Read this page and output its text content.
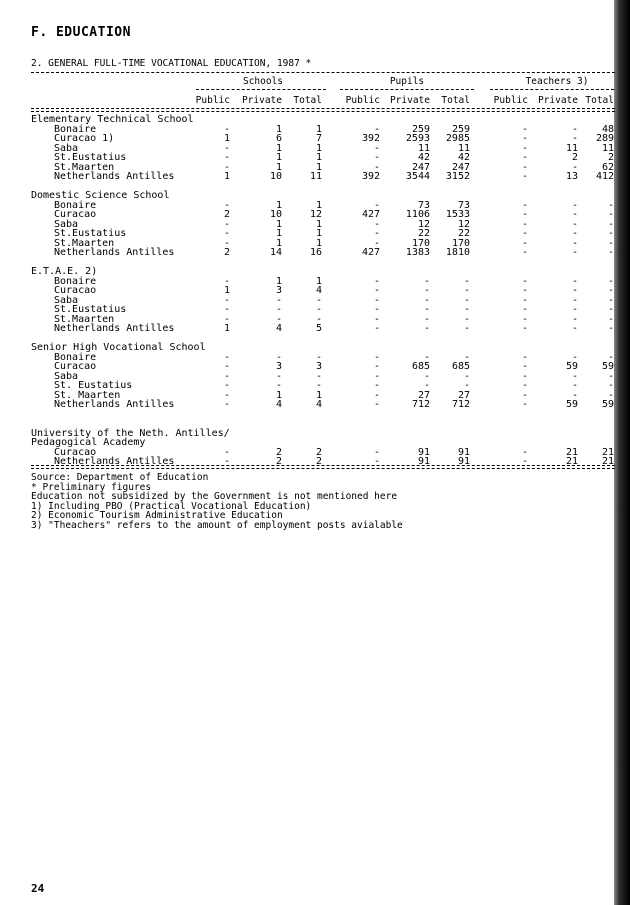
F. EDUCATION
2. GENERAL FULL-TIME VOCATIONAL EDUCATION, 1987 *
Schools	Pupils	Teachers 3)
Public	Private	Total	Public	Private	Total	Public	Private Total
Elementary Technical School
Bonaire	-	1	1	-	259	259	-	-	48
Curacao 1)	1	6	7	392	2593	2985	-	-	289
Saba	-	1	1	-	11	11	-	11	11
St.Eustatius	-	1	1	-	42	42	-	2	2
St.Maarten	-	1	1	-	247	247	-	-	62
Netherlands Antilles	1	10	11	392	3544	3152	-	13	412
Domestic Science School
Bonaire	-	1	1	-	73	73	-	-	-
Curacao	2	10	12	427	1106	1533	-	-	-
Saba	-	1	1	-	12	12	-	-	-
St.Eustatius	-	1	1	-	22	22	-	-	-
St.Maarten	-	1	1	-	170	170	-	-	-
Netherlands Antilles	2	14	16	427	1383	1810	-	-	-
E.T.A.E. 2)
Bonaire	-	1	1	-	-	-	-	-	-
Curacao	1	3	4	-	-	-	-	-	-
Saba	-	-	-	-	-	-	-	-	-
St.Eustatius	-	-	-	-	-	-	-	-	-
St.Maarten	-	-	-	-	-	-	-	-	-
Netherlands Antilles	1	4	5	-	-	-	-	-	-
Senior High Vocational School
Bonaire	-	-	-	-	-	-	-	-	-
Curacao	-	3	3	-	685	685	-	59	59
Saba	-	-	-	-	-	-	-	-	-
St. Eustatius	-	-	-	-	-	-	-	-	-
St. Maarten	-	1	1	-	27	27	-	-	-
Netherlands Antilles	-	4	4	-	712	712	-	59	59
University of the Neth. Antilles/
Pedagogical Academy
Curacao	-	2	2	-	91	91	-	21	21
Netherlands Antilles	-	2	2	-	91	91	-	21	21
Source: Department of Education
* Preliminary figures
Education not subsidized by the Government is not mentioned here
1) Including PBO (Practical Vocational Education)
2) Economic Tourism Administrative Education
3) "Theachers" refers to the amount of employment posts avialable
24
